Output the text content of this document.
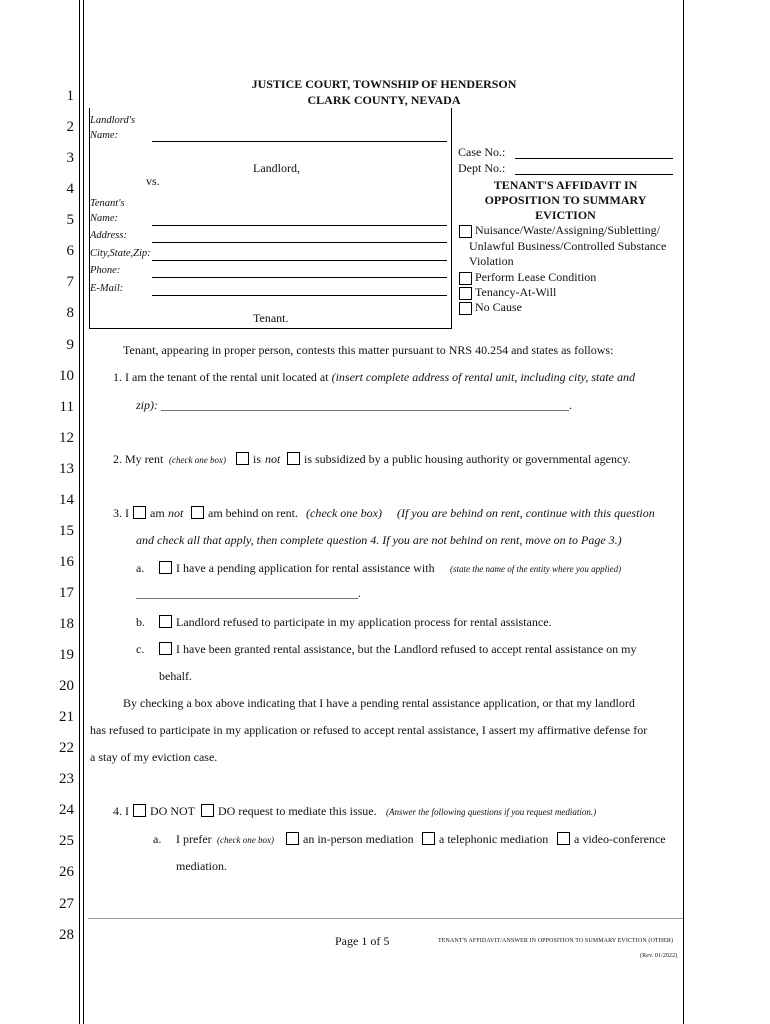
1
2
3
4
5
6
7
8
9
10
11
12
13
14
15
16
17
18
19
20
21
22
23
24
25
26
27
28
JUSTICE COURT, TOWNSHIP OF HENDERSON
CLARK COUNTY, NEVADA
Landlord's
Name:
Landlord,
vs.
Tenant's
Name:
Address:
City,State,Zip:
Phone:
E-Mail:
Tenant.
Case No.:
Dept No.:
TENANT'S AFFIDAVIT IN
OPPOSITION TO SUMMARY
EVICTION
Nuisance/Waste/Assigning/Subletting/
Unlawful Business/Controlled Substance
Violation
Perform Lease Condition
Tenancy-At-Will
No Cause
Tenant, appearing in proper person, contests this matter pursuant to NRS 40.254 and states as follows:
1. I am the tenant of the rental unit located at (insert complete address of rental unit, including city, state and
zip): ____________________________________________________________________.
2. My rent (check one box) is not is subsidized by a public housing authority or governmental agency.
3. I am not am behind on rent. (check one box) (If you are behind on rent, continue with this question
and check all that apply, then complete question 4. If you are not behind on rent, move on to Page 3.)
a.	I have a pending application for rental assistance with (state the name of the entity where you applied)
_____________________________________.
b.	Landlord refused to participate in my application process for rental assistance.
c.	I have been granted rental assistance, but the Landlord refused to accept rental assistance on my
behalf.
By checking a box above indicating that I have a pending rental assistance application, or that my landlord
has refused to participate in my application or refused to accept rental assistance, I assert my affirmative defense for
a stay of my eviction case.
4. I DO NOT DO request to mediate this issue. (Answer the following questions if you request mediation.)
a. I prefer (check one box) an in-person mediation a telephonic mediation a video-conference
mediation.
Page 1 of 5	TENANT'S AFFIDAVIT/ANSWER IN OPPOSITION TO SUMMARY EVICTION (OTHER)
(Rev. 01/2022)
